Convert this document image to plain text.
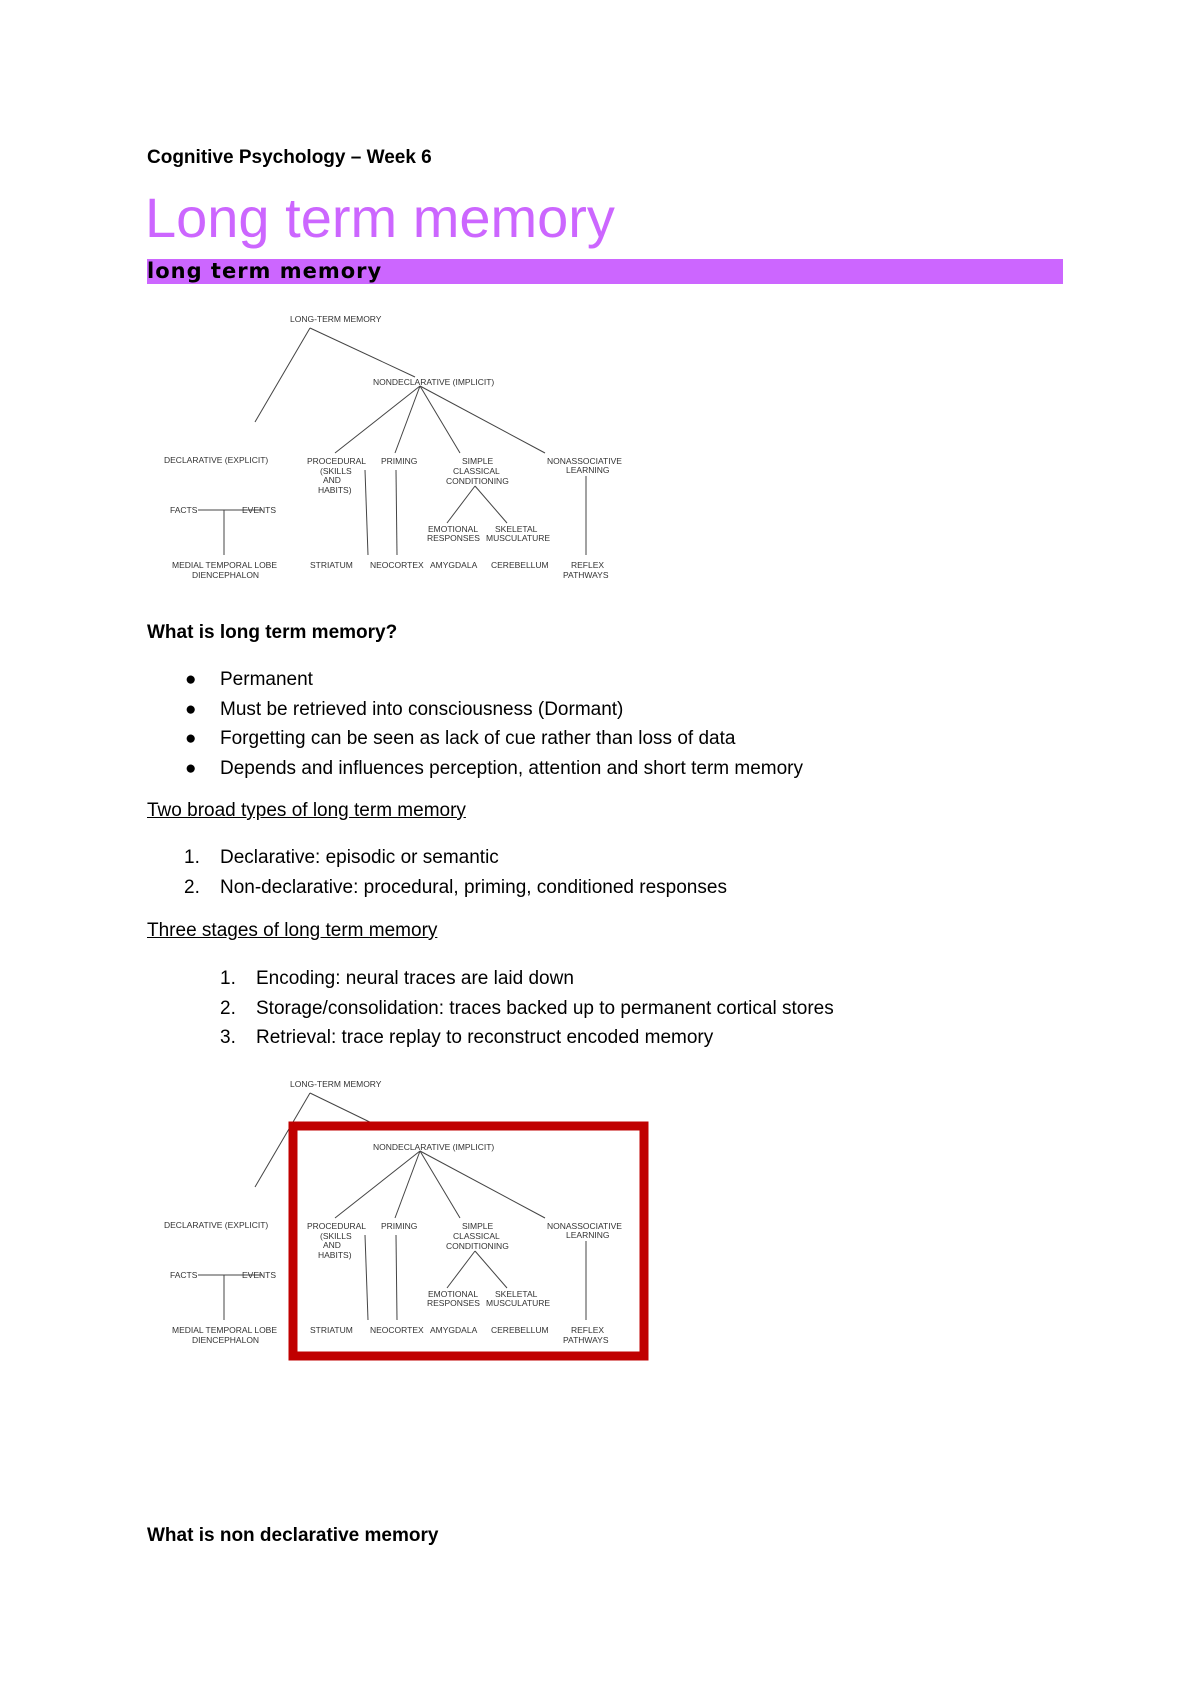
Cognitive Psychology – Week 6
Long term memory
long term memory
LONG-TERM MEMORY
NONDECLARATIVE (IMPLICIT)
DECLARATIVE (EXPLICIT)
FACTS	EVENTS
MEDIAL TEMPORAL LOBE
DIENCEPHALON
PROCEDURAL
(SKILLS
AND
HABITS)
PRIMING	SIMPLE
CLASSICAL
CONDITIONING
NONASSOCIATIVE
LEARNING
EMOTIONAL
RESPONSES
SKELETAL
MUSCULATURE
STRIATUM NEOCORTEX AMYGDALA CEREBELLUM	REFLEX
PATHWAYS
What is long term memory?
● Permanent
● Must be retrieved into consciousness (Dormant)
● Forgetting can be seen as lack of cue rather than loss of data
● Depends and influences perception, attention and short term memory
Two broad types of long term memory
1. Declarative: episodic or semantic
2. Non-declarative: procedural, priming, conditioned responses
Three stages of long term memory
1. Encoding: neural traces are laid down
2. Storage/consolidation: traces backed up to permanent cortical stores
3. Retrieval: trace replay to reconstruct encoded memory
LONG-TERM MEMORY
NONDECLARATIVE (IMPLICIT)
DECLARATIVE (EXPLICIT)
FACTS	EVENTS
MEDIAL TEMPORAL LOBE
DIENCEPHALON
PROCEDURAL
(SKILLS
AND
HABITS)
PRIMING	SIMPLE
CLASSICAL
CONDITIONING
NONASSOCIATIVE
LEARNING
EMOTIONAL
RESPONSES
SKELETAL
MUSCULATURE
STRIATUM NEOCORTEX AMYGDALA CEREBELLUM	REFLEX
PATHWAYS
What is non declarative memory
